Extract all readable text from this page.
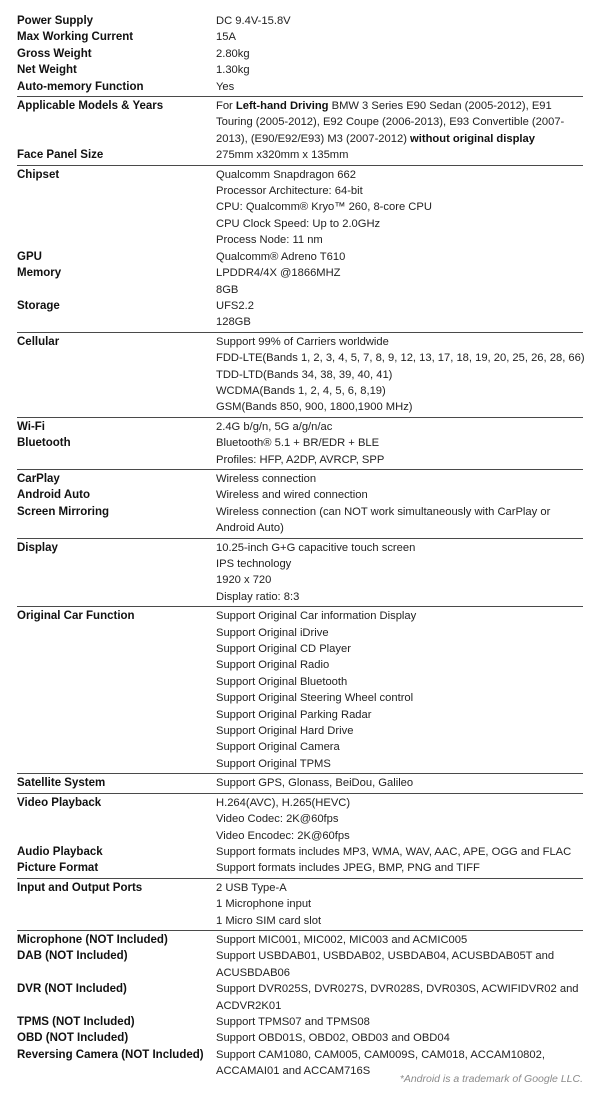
Power Supply	DC 9.4V-15.8V
Max Working Current	15A
Gross Weight	2.80kg
Net Weight	1.30kg
Auto-memory Function	Yes
Applicable Models & Years	For Left-hand Driving BMW 3 Series E90 Sedan (2005-2012), E91 Touring (2005-2012), E92 Coupe (2006-2013), E93 Convertible (2007-2013), (E90/E92/E93) M3 (2007-2012) without original display
Face Panel Size	275mm x320mm x 135mm
Chipset	Qualcomm Snapdragon 662
Processor Architecture: 64-bit
CPU: Qualcomm® Kryo™ 260, 8-core CPU
CPU Clock Speed: Up to 2.0GHz
Process Node: 11 nm
GPU	Qualcomm® Adreno T610
Memory	LPDDR4/4X @1866MHZ
8GB
Storage	UFS2.2
128GB
Cellular	Support 99% of Carriers worldwide
FDD-LTE(Bands 1, 2, 3, 4, 5, 7, 8, 9, 12, 13, 17, 18, 19, 20, 25, 26, 28, 66)
TDD-LTD(Bands 34, 38, 39, 40, 41)
WCDMA(Bands 1, 2, 4, 5, 6, 8,19)
GSM(Bands 850, 900, 1800,1900 MHz)
Wi-Fi	2.4G b/g/n, 5G a/g/n/ac
Bluetooth	Bluetooth® 5.1 + BR/EDR + BLE
Profiles: HFP, A2DP, AVRCP, SPP
CarPlay	Wireless connection
Android Auto	Wireless and wired connection
Screen Mirroring	Wireless connection (can NOT work simultaneously with CarPlay or Android Auto)
Display	10.25-inch G+G capacitive touch screen
IPS technology
1920 x 720
Display ratio: 8:3
Original Car Function	Support Original Car information Display
Support Original iDrive
Support Original CD Player
Support Original Radio
Support Original Bluetooth
Support Original Steering Wheel control
Support Original Parking Radar
Support Original Hard Drive
Support Original Camera
Support Original TPMS
Satellite System	Support GPS, Glonass, BeiDou, Galileo
Video Playback	H.264(AVC), H.265(HEVC)
Video Codec: 2K@60fps
Video Encodec: 2K@60fps
Audio Playback	Support formats includes MP3, WMA, WAV, AAC, APE, OGG and FLAC
Picture Format	Support formats includes JPEG, BMP, PNG and TIFF
Input and Output Ports	2 USB Type-A
1 Microphone input
1 Micro SIM card slot
Microphone (NOT Included)	Support MIC001, MIC002, MIC003 and ACMIC005
DAB (NOT Included)	Support USBDAB01, USBDAB02, USBDAB04, ACUSBDAB05T and ACUSBDAB06
DVR (NOT Included)	Support DVR025S, DVR027S, DVR028S, DVR030S, ACWIFIDVR02 and ACDVR2K01
TPMS (NOT Included)	Support TPMS07 and TPMS08
OBD (NOT Included)	Support OBD01S, OBD02, OBD03 and OBD04
Reversing Camera (NOT Included)	Support CAM1080, CAM005, CAM009S, CAM018, ACCAM10802, ACCAMAI01 and ACCAM716S
*Android is a trademark of Google LLC.
